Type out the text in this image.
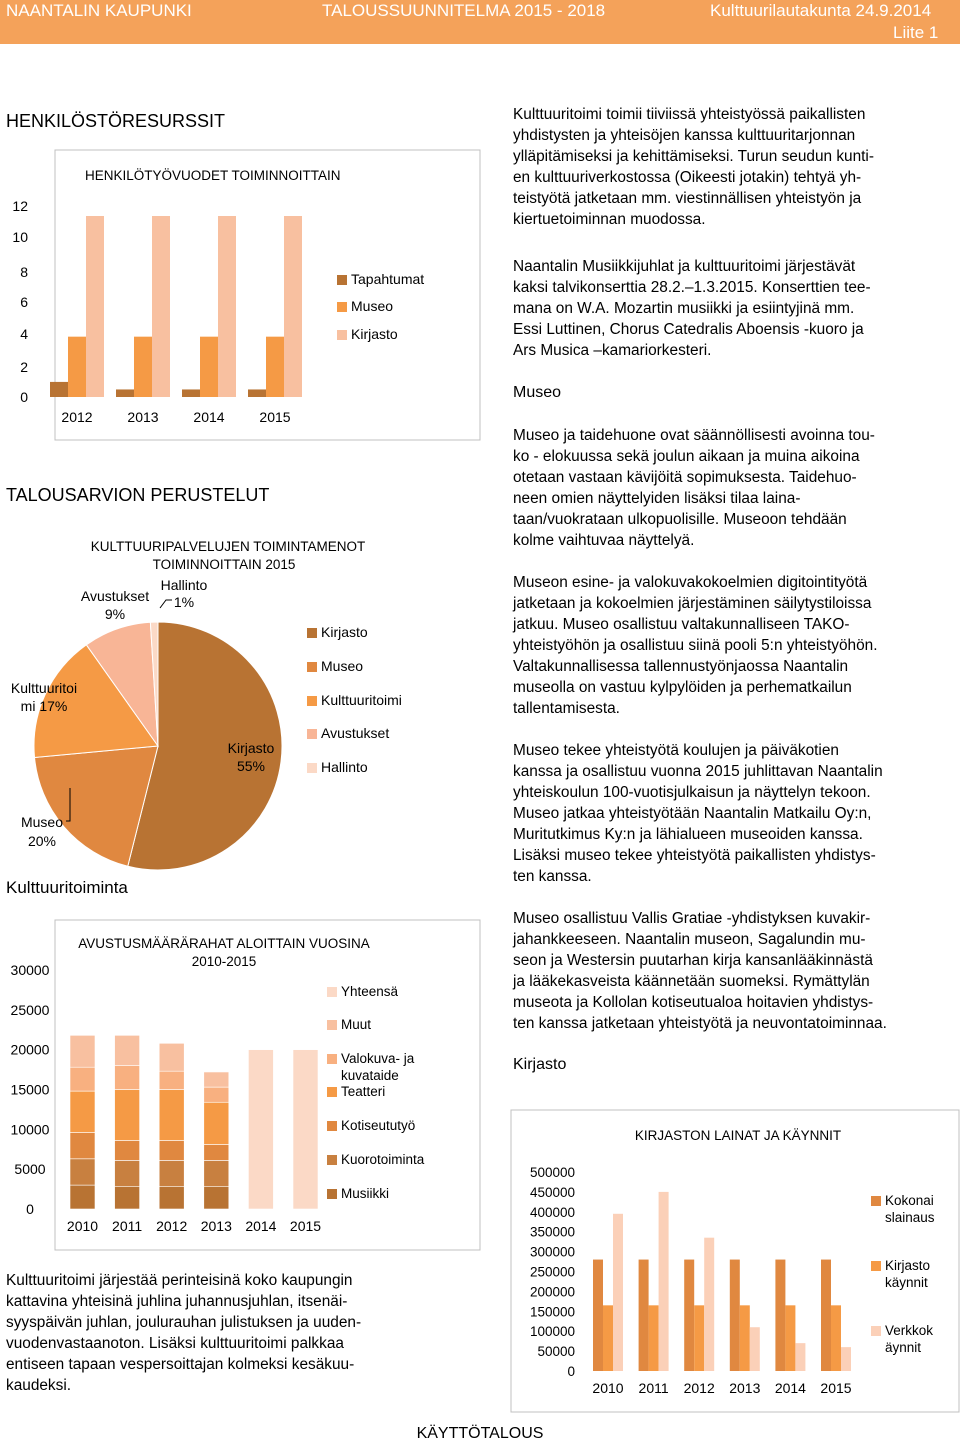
NAANTALIN KAUPUNKI	TALOUSSUUNNITELMA 2015 - 2018	Kulttuurilautakunta 24.9.2014
Liite 1
HENKILÖSTÖRESURSSIT
TALOUSARVION PERUSTELUT
Kulttuuritoiminta
HENKILÖTYÖVUODET TOIMINNOITTAIN
0
2
4
6
8
10
12
2012 2013 2014 2015
Tapahtumat
Museo
Kirjasto
KULTTUURIPALVELUJEN TOIMINTAMENOT
TOIMINNOITTAIN 2015
Kirjasto
55%
Museo
20%
Kulttuuritoi
mi 17%
Avustukset
9%
Hallinto
1%
Kirjasto
Museo
Kulttuuritoimi
Avustukset
Hallinto
AVUSTUSMÄÄRÄRAHAT ALOITTAIN VUOSINA
2010-2015
0
5000
10000
15000
20000
25000
30000
2010 2011 2012 2013 2014 2015
Yhteensä
Muut
Valokuva- ja
kuvataide
Teatteri
Kotiseututyö
Kuorotoiminta
Musiikki

Kulttuuritoimi järjestää perinteisinä koko kaupungin

kattavina yhteisinä juhlina juhannusjuhlan, itsenäi-

syyspäivän juhlan, joulurauhan julistuksen ja uuden-

vuodenvastaanoton. Lisäksi kulttuuritoimi palkkaa

entiseen tapaan vespersoittajan kolmeksi kesäkuu-

kaudeksi.

Kulttuuritoimi toimii tiiviissä yhteistyössä paikallisten

yhdistysten ja yhteisöjen kanssa kulttuuritarjonnan

ylläpitämiseksi ja kehittämiseksi. Turun seudun kunti-

en kulttuuriverkostossa (Oikeesti jotakin) tehtyä yh-

teistyötä jatketaan mm. viestinnällisen yhteistyön ja

kiertuetoiminnan muodossa.

Naantalin Musiikkijuhlat ja kulttuuritoimi järjestävät

kaksi talvikonserttia 28.2.–1.3.2015. Konserttien tee-

mana on W.A. Mozartin musiikki ja esiintyjinä mm.

Essi Luttinen, Chorus Catedralis Aboensis -kuoro ja

Ars Musica –kamariorkesteri.

Museo

Museo ja taidehuone ovat säännöllisesti avoinna tou-

ko - elokuussa sekä joulun aikaan ja muina aikoina

otetaan vastaan kävijöitä sopimuksesta. Taidehuo-

neen omien näyttelyiden lisäksi tilaa laina-

taan/vuokrataan ulkopuolisille. Museoon tehdään

kolme vaihtuvaa näyttelyä.

Museon esine- ja valokuvakokoelmien digitointityötä

jatketaan ja kokoelmien järjestäminen säilytystiloissa

jatkuu. Museo osallistuu valtakunnalliseen TAKO-

yhteistyöhön ja osallistuu siinä pooli 5:n yhteistyöhön.

Valtakunnallisessa tallennustyönjaossa Naantalin

museolla on vastuu kylpylöiden ja perhematkailun

tallentamisesta.

Museo tekee yhteistyötä koulujen ja päiväkotien

kanssa ja osallistuu vuonna 2015 juhlittavan Naantalin

yhteiskoulun 100-vuotisjulkaisun ja näyttelyn tekoon.

Museo jatkaa yhteistyötään Naantalin Matkailu Oy:n,

Muritutkimus Ky:n ja lähialueen museoiden kanssa.

Lisäksi museo tekee yhteistyötä paikallisten yhdistys-

ten kanssa.

Museo osallistuu Vallis Gratiae -yhdistyksen kuvakir-

jahankkeeseen. Naantalin museon, Sagalundin mu-

seon ja Westersin puutarhan kirja kansanlääkinnästä

ja lääkekasveista käännetään suomeksi. Rymättylän

museota ja Kollolan kotiseutualoa hoitavien yhdistys-

ten kanssa jatketaan yhteistyötä ja neuvontatoiminnaa.

Kirjasto
KIRJASTON LAINAT JA KÄYNNIT
0
50000
100000
150000
200000
250000
300000
350000
400000
450000
500000
2010 2011 2012 2013 2014 2015
Kokonai
slainaus
Kirjasto
käynnit
Verkkok
äynnit
KÄYTTÖTALOUS
